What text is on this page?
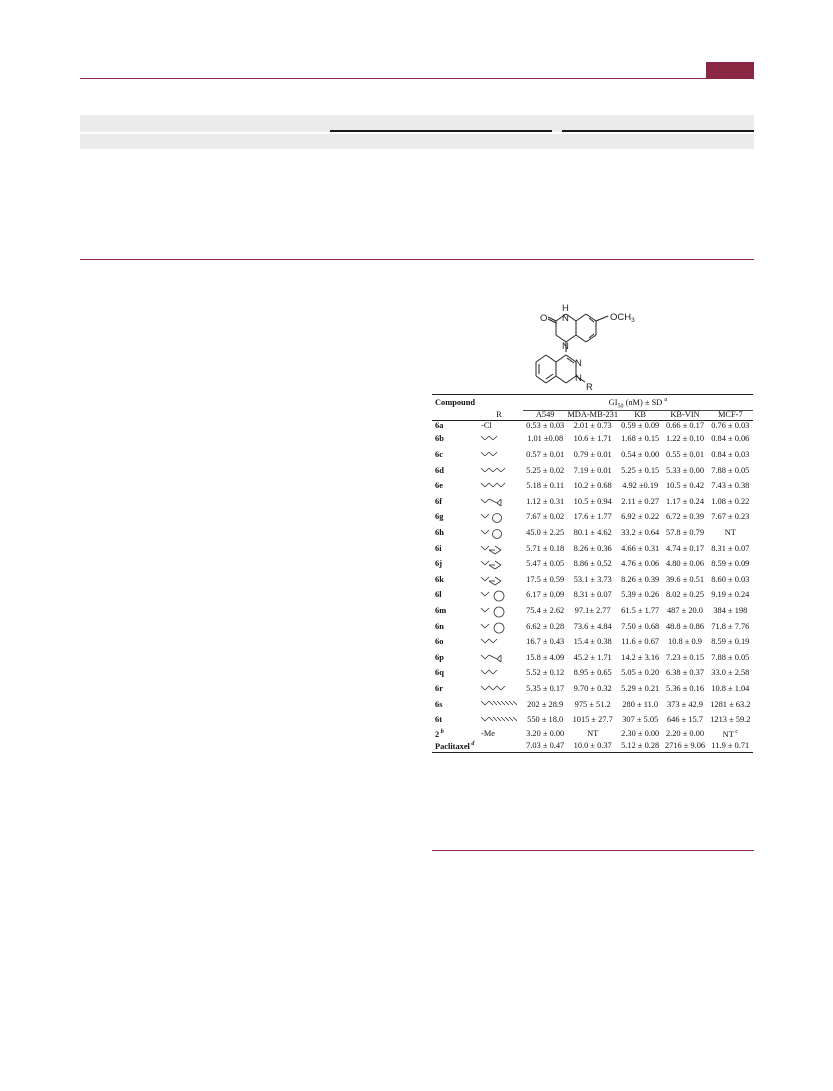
H
N
O	$OCH_3$
N
N
N
R
Compound		$GI_{50}$ (nM) ± SD $^a$
	R	A549	MDA-MB-231	KB	KB-VIN	MCF-7
6a	-Cl	0.53 ± 0.03	2.01 ± 0.73	0.59 ± 0.09	0.66 ± 0.17	0.76 ± 0.03
6b		1.01 ±0.08	10.6 ± 1.71	1.68 ± 0.15	1.22 ± 0.10	0.84 ± 0.06
6c		0.57 ± 0.01	0.79 ± 0.01	0.54 ± 0.00	0.55 ± 0.01	0.84 ± 0.03
6d		5.25 ± 0.02	7.19 ± 0.01	5.25 ± 0.15	5.33 ± 0.00	7.88 ± 0.05
6e		5.18 ± 0.11	10.2 ± 0.68	4.92 ±0.19	10.5 ± 0.42	7.43 ± 0.38
6f		1.12 ± 0.31	10.5 ± 0.94	2.11 ± 0.27	1.17 ± 0.24	1.08 ± 0.22
6g		7.67 ± 0.02	17.6 ± 1.77	6.92 ± 0.22	6.72 ± 0.39	7.67 ± 0.23
6h		45.0 ± 2.25	80.1 ± 4.62	33.2 ± 0.64	57.8 ± 0.79	NT
6i		5.71 ± 0.18	8.26 ± 0.36	4.66 ± 0.31	4.74 ± 0.17	8.31 ± 0.07
6j		5.47 ± 0.05	8.86 ± 0.52	4.76 ± 0.06	4.80 ± 0.06	8.59 ± 0.09
6k		17.5 ± 0.59	53.1 ± 3.73	8.26 ± 0.39	39.6 ± 0.51	8.60 ± 0.03
6l		6.17 ± 0.09	8.31 ± 0.07	5.39 ± 0.26	8.02 ± 0.25	9.19 ± 0.24
6m		75.4 ± 2.62	97.1± 2.77	61.5 ± 1.77	487 ± 20.0	384 ± 198
6n		6.62 ± 0.28	73.6 ± 4.84	7.50 ± 0.68	48.8 ± 0.86	71.8 ± 7.76
6o		16.7 ± 0.43	15.4 ± 0.38	11.6 ± 0.67	10.8 ± 0.9	8.59 ± 0.19
6p		15.8 ± 4.09	45.2 ± 1.71	14.2 ± 3.16	7.23 ± 0.15	7.88 ± 0.05
6q		5.52 ± 0.12	8.95 ± 0.65	5.05 ± 0.20	6.38 ± 0.37	33.0 ± 2.58
6r		5.35 ± 0.17	9.70 ± 0.32	5.29 ± 0.21	5.36 ± 0.16	10.8 ± 1.04
6s		202 ± 28.9	975 ± 51.2	280 ± 11.0	373 ± 42.9	1281 ± 63.2
6t		550 ± 18.0	1015 ± 27.7	307 ± 5.05	646 ± 15.7	1213 ± 59.2
2 $^b$	-Me	3.20 ± 0.00	NT	2.30 ± 0.00	2.20 ± 0.00	NT $^c$
Paclitaxel $^d$		7.03 ± 0.47	10.0 ± 0.37	5.12 ± 0.28	2716 ± 9.06	11.9 ± 0.71
